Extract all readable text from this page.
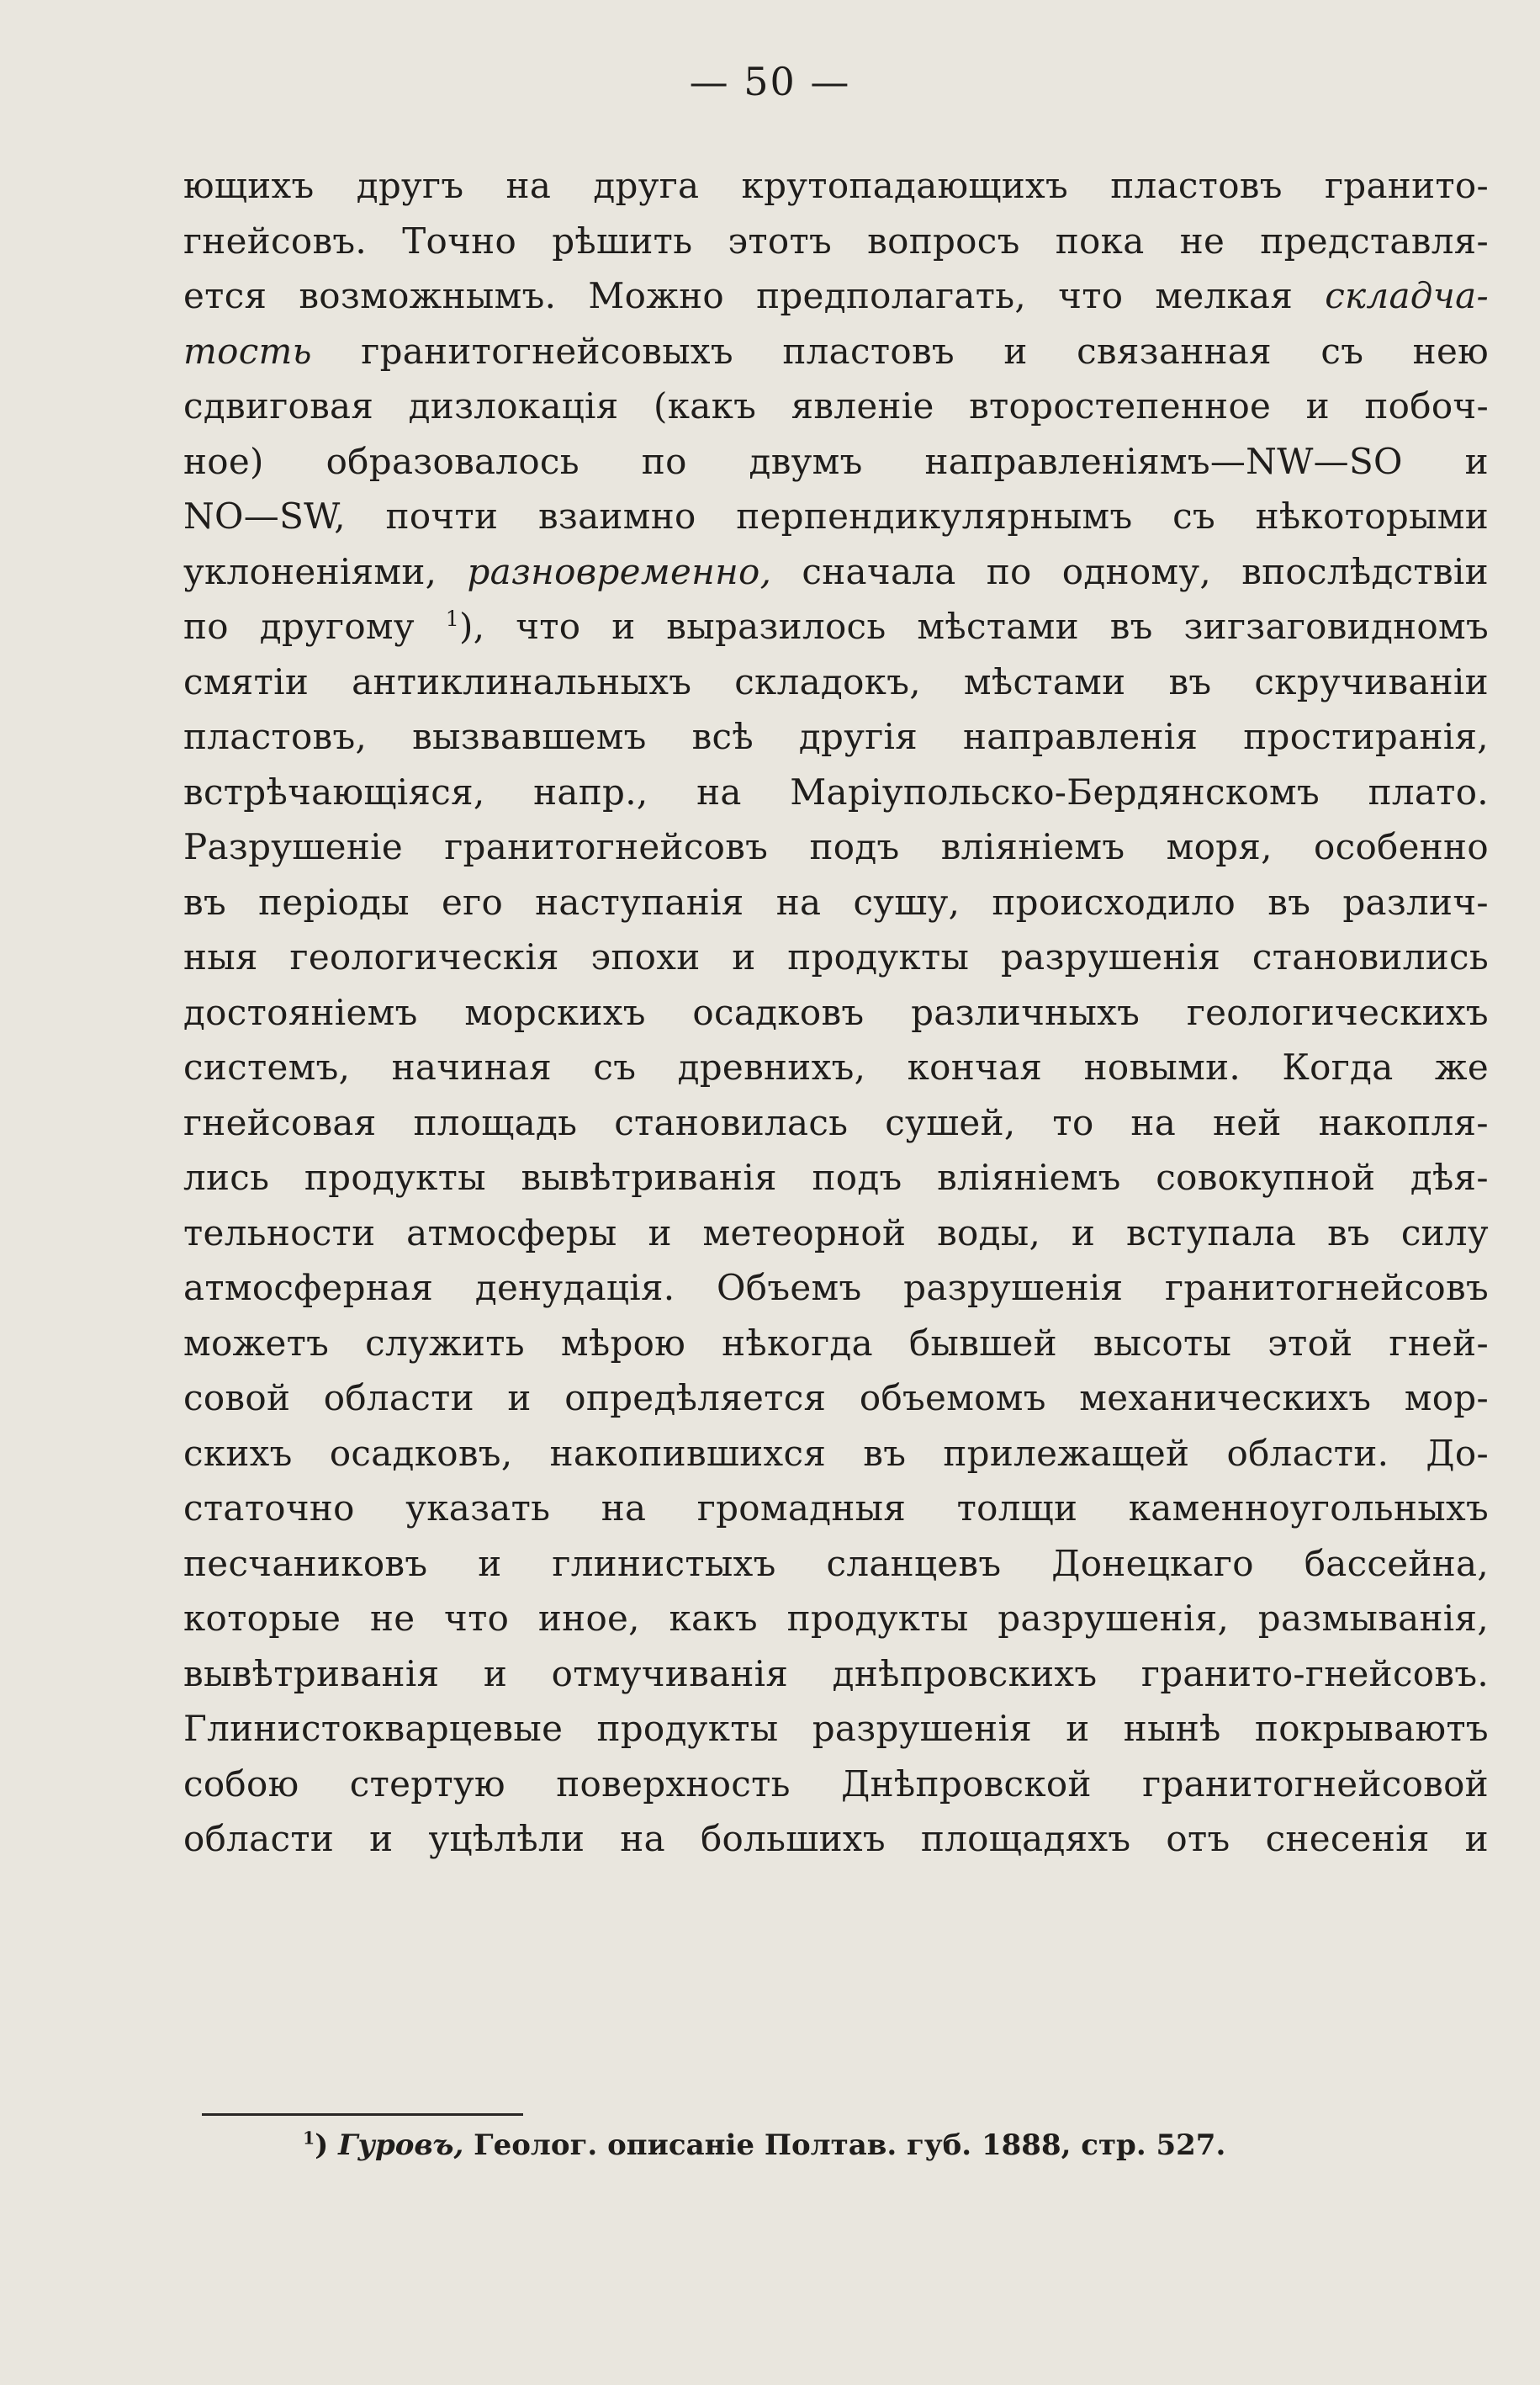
— 50 —
ющихъ другъ на друга крутопадающихъ пластовъ гранито-
гнейсовъ. Точно рѣшить этотъ вопросъ пока не представля-
ется возможнымъ. Можно предполагать, что мелкая складча-
тость гранитогнейсовыхъ пластовъ и связанная съ нею
сдвиговая дизлокація (какъ явленіе второстепенное и побоч-
ное) образовалось по двумъ направленіямъ—NW—SO и
NO—SW, почти взаимно перпендикулярнымъ съ нѣкоторыми
уклоненіями, разновременно, сначала по одному, впослѣдствіи
по другому $^1$), что и выразилось мѣстами въ зигзаговидномъ
смятіи антиклинальныхъ складокъ, мѣстами въ скручиваніи
пластовъ, вызвавшемъ всѣ другія направленія простиранія,
встрѣчающіяся, напр., на Маріупольско-Бердянскомъ плато.
Разрушеніе гранитогнейсовъ подъ вліяніемъ моря, особенно
въ періоды его наступанія на сушу, происходило въ различ-
ныя геологическія эпохи и продукты разрушенія становились
достояніемъ морскихъ осадковъ различныхъ геологическихъ
системъ, начиная съ древнихъ, кончая новыми. Когда же
гнейсовая площадь становилась сушей, то на ней накопля-
лись продукты вывѣтриванія подъ вліяніемъ совокупной дѣя-
тельности атмосферы и метеорной воды, и вступала въ силу
атмосферная денудація. Объемъ разрушенія гранитогнейсовъ
можетъ служить мѣрою нѣкогда бывшей высоты этой гней-
совой области и опредѣляется объемомъ механическихъ мор-
скихъ осадковъ, накопившихся въ прилежащей области. До-
статочно указать на громадныя толщи каменноугольныхъ
песчаниковъ и глинистыхъ сланцевъ Донецкаго бассейна,
которые не что иное, какъ продукты разрушенія, размыванія,
вывѣтриванія и отмучиванія днѣпровскихъ гранито-гнейсовъ.
Глинистокварцевые продукты разрушенія и нынѣ покрываютъ
собою стертую поверхность Днѣпровской гранитогнейсовой
области и уцѣлѣли на большихъ площадяхъ отъ снесенія и
$^1$) Гуровъ, Геолог. описаніе Полтав. губ. 1888, стр. 527.
